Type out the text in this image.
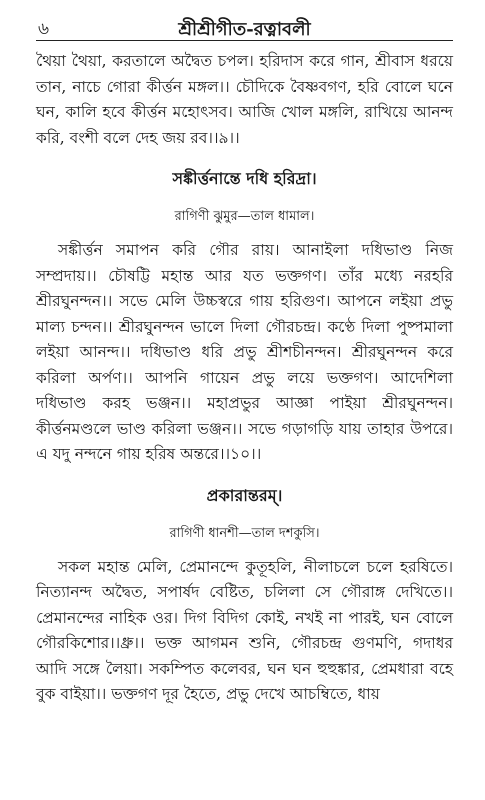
৬	শ্রীশ্রীগীত-রত্নাবলী

থৈয়া থৈয়া, করতালে অদ্বৈত চপল। হরিদাস করে গান, শ্রীবাস ধরয়ে তান, নাচে গোরা কীর্ত্তন মঙ্গল।। চৌদিকে বৈষ্ণবগণ, হরি বোলে ঘনে ঘন, কালি হবে কীর্ত্তন মহোৎসব। আজি খোল মঙ্গলি, রাখিয়ে আনন্দ করি, বংশী বলে দেহ জয় রব।।৯।।

সঙ্কীর্ত্তনান্তে দধি হরিদ্রা।
রাগিণী ঝুমুর—তাল ধামাল।

সঙ্কীর্ত্তন সমাপন করি গৌর রায়। আনাইলা দধিভাণ্ড নিজ সম্প্রদায়।। চৌষট্টি মহান্ত আর যত ভক্তগণ। তাঁর মধ্যে নরহরি শ্রীরঘুনন্দন।। সভে মেলি উচ্চস্বরে গায় হরিগুণ। আপনে লইয়া প্রভু মাল্য চন্দন।। শ্রীরঘুনন্দন ভালে দিলা গৌরচন্দ্র। কণ্ঠে দিলা পুষ্পমালা লইয়া আনন্দ।। দধিভাণ্ড ধরি প্রভু শ্রীশচীনন্দন। শ্রীরঘুনন্দন করে করিলা অর্পণ।। আপনি গায়েন প্রভু লয়ে ভক্তগণ। আদেশিলা দধিভাণ্ড করহ ভঞ্জন।। মহাপ্রভুর আজ্ঞা পাইয়া শ্রীরঘুনন্দন। কীর্ত্তনমণ্ডলে ভাণ্ড করিলা ভঞ্জন।। সভে গড়াগড়ি যায় তাহার উপরে। এ যদু নন্দনে গায় হরিষ অন্তরে।।১০।।

প্রকারান্তরম্।
রাগিণী ধানশী—তাল দশকুসি।

সকল মহান্ত মেলি, প্রেমানন্দে কুতূহলি, নীলাচলে চলে হরষিতে। নিত্যানন্দ অদ্বৈত, সপার্ষদ বেষ্টিত, চলিলা সে গৌরাঙ্গ দেখিতে।। প্রেমানন্দের নাহিক ওর। দিগ বিদিগ কোই, নখই না পারই, ঘন বোলে গৌরকিশোর।।ধ্রু।। ভক্ত আগমন শুনি, গৌরচন্দ্র গুণমণি, গদাধর আদি সঙ্গে লৈয়া। সকম্পিত কলেবর, ঘন ঘন হুহুঙ্কার, প্রেমধারা বহে বুক বাইয়া।। ভক্তগণ দূর হৈতে, প্রভু দেখে আচম্বিতে, ধায়
